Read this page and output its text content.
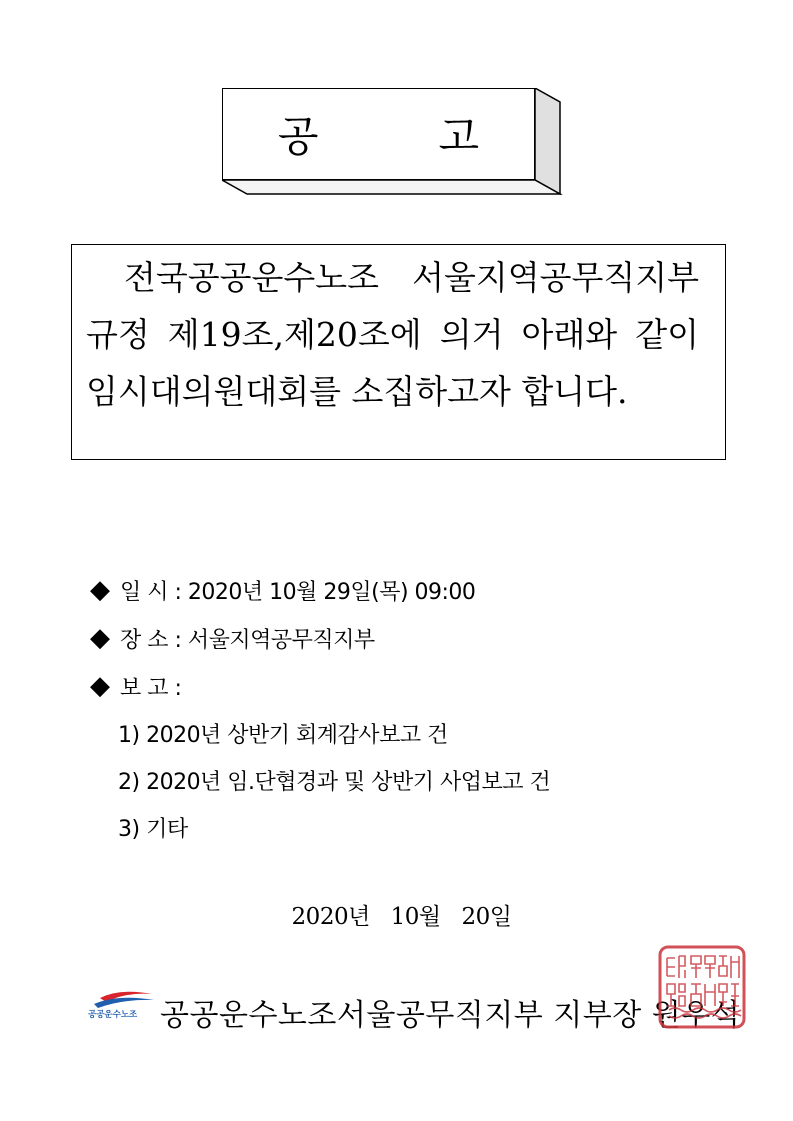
공	고
전국공공운수노조 서울지역공무직지부 규정 제19조,제20조에 의거 아래와 같이 임시대의원대회를 소집하고자 합니다.
◆ 일 시 : 2020년 10월 29일(목) 09:00
◆ 장 소 : 서울지역공무직지부
◆ 보 고 :
1) 2020년 상반기 회계감사보고 건
2) 2020년 임.단협경과 및 상반기 사업보고 건
3) 기타
2020년 10월 20일
공공운수노조 공공운수노조서울공무직지부 지부장 원우석
